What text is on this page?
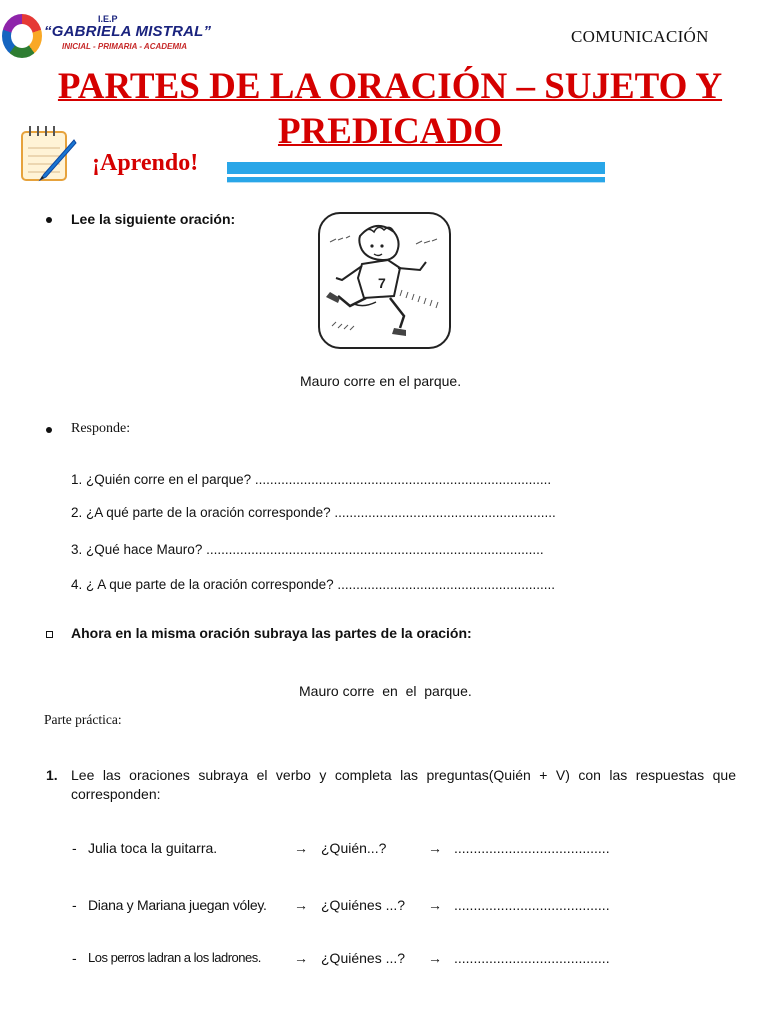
I.E.P
“GABRIELA MISTRAL”
INICIAL - PRIMARIA - ACADEMIA
COMUNICACIÓN
PARTES DE LA ORACIÓN – SUJETO Y
PREDICADO
¡Aprendo!
Lee la siguiente oración:
7
Mauro corre en el parque.
Responde:
1. ¿Quién corre en el parque? ...............................................................................
2. ¿A qué parte de la oración corresponde? ...........................................................
3. ¿Qué hace Mauro? ..........................................................................................
4. ¿ A que parte de la oración corresponde? ..........................................................
Ahora en la misma oración subraya las partes de la oración:
Mauro corre  en  el  parque.
Parte práctica:
1. Lee las oraciones subraya el verbo y completa las preguntas(Quién + V) con las respuestas que corresponden:
- Julia toca la guitarra.	→ ¿Quién...?	→ ........................................
- Diana y Mariana juegan vóley. → ¿Quiénes ...? → ........................................
- Los perros ladran a los ladrones. → ¿Quiénes ...? → ........................................
